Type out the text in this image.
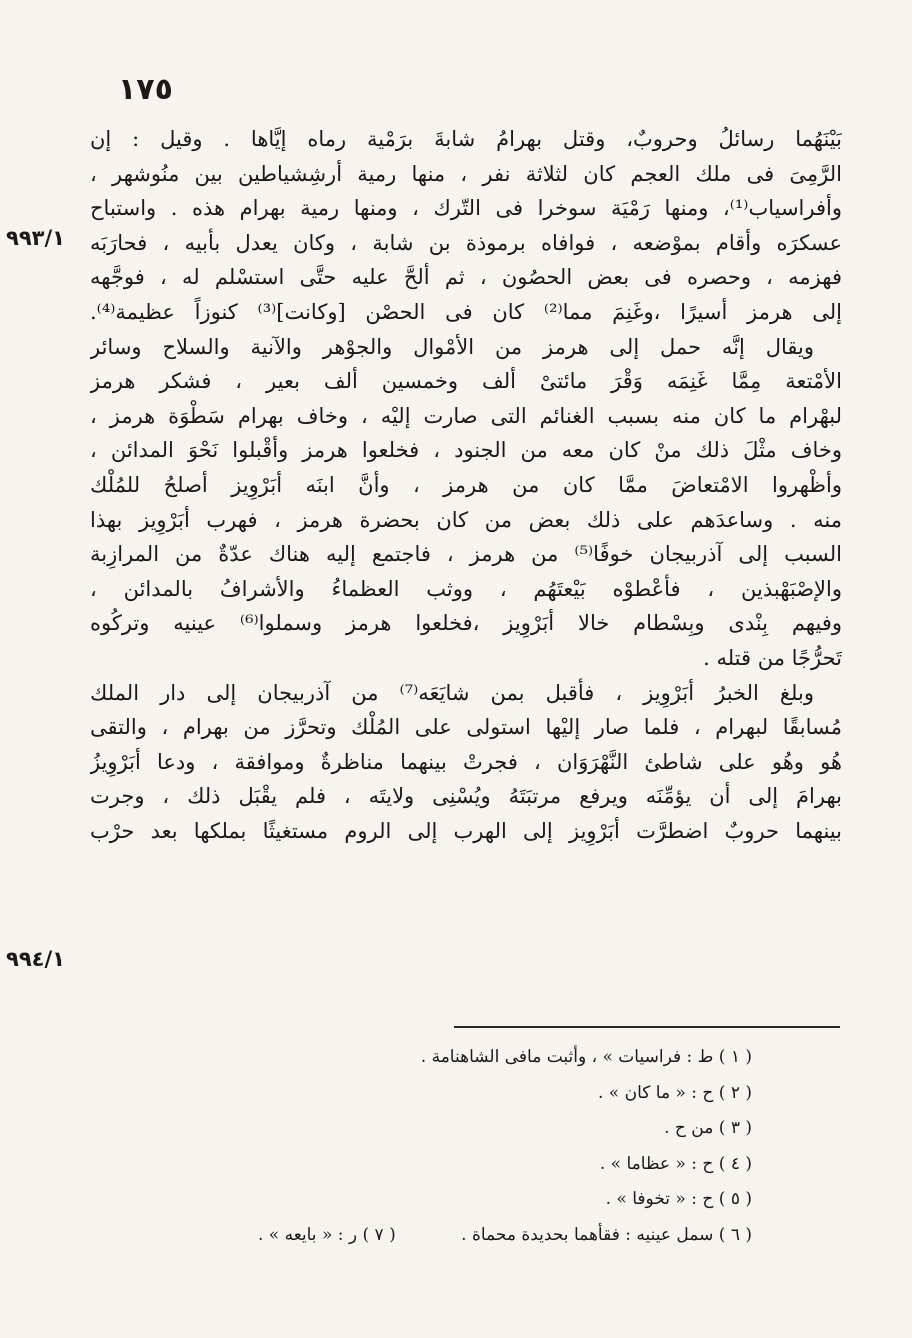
١٧٥
٩٩٣/١
٩٩٤/١
بَيْنَهُما رسائلُ وحروبٌ، وقتل بهرامُ شابةَ برَمْية رماه إيَّاها . وقيل : إن
الرَّمِىَ فى ملك العجم كان لثلاثة نفر ، منها رمية أرشِشياطين بين منُوشهر ،
وأفراسياب⁽¹⁾، ومنها رَمْيَة سوخرا فى التّرك ، ومنها رمية بهرام هذه . واستباح
عسكرَه وأقام بموْضعه ، فوافاه برموذة بن شابة ، وكان يعدل بأبيه ، فحارَبَه
فهزمه ، وحصره فى بعض الحصُون ، ثم ألحَّ عليه حتَّى استسْلم له ، فوجَّهه
إلى هرمز أسيرًا ،وغَنِمَ مما⁽²⁾ كان فى الحصْن [وكانت]⁽³⁾ كنوزاً عظيمة⁽⁴⁾.
ويقال إنَّه حمل إلى هرمز من الأمْوال والجوْهر والآنية والسلاح وسائر
الأمْتعة مِمَّا غَنِمَه وَقْرَ مائتىْ ألف وخمسين ألف بعير ، فشكر هرمز
لبهْرام ما كان منه بسبب الغنائم التى صارت إليْه ، وخاف بهرام سَطْوَة هرمز ،
وخاف مثْلَ ذلك منْ كان معه من الجنود ، فخلعوا هرمز وأقْبلوا نَحْوَ المدائن ،
وأظْهروا الامْتعاضَ ممَّا كان من هرمز ، وأنَّ ابنَه أبَرْوِيز أصلحُ للمُلْك
منه . وساعدَهم على ذلك بعض من كان بحضرة هرمز ، فهرب أبَرْوِيز بهذا
السبب إلى آذربيجان خوفًا⁽⁵⁾ من هرمز ، فاجتمع إليه هناك عدّةٌ من المرازِبة
والإصْبَهْبذين ، فأعْطوْه بَيْعتَهُم ، ووثب العظماءُ والأشرافُ بالمدائن ،
وفيهم بِنْدى وبِسْطام خالا أبَرْوِيز ،فخلعوا هرمز وسملوا⁽⁶⁾ عينيه وتركُوه
تَحرُّجًا من قتله .
وبلغ الخبرُ أبَرْوِيز ، فأقبل بمن شايَعَه⁽⁷⁾ من آذربيجان إلى دار الملك
مُسابقًا لبهرام ، فلما صار إليْها استولى على المُلْك وتحرَّز من بهرام ، والتقى
هُو وهُو على شاطئ النَّهْرَوَان ، فجرتْ بينهما مناظرةٌ وموافقة ، ودعا أبَرْوِيزُ
بهرامَ إلى أن يؤمِّنَه ويرفع مرتبَتَهُ ويُسْنِى ولايتَه ، فلم يقْبَل ذلك ، وجرت
بينهما حروبٌ اضطرَّت أبَرْوِيز إلى الهرب إلى الروم مستغيثًا بملكها بعد حرْب
( ١ ) ط : فراسيات » ، وأثبت مافى الشاهنامة .
( ٢ ) ح : « ما كان » .
( ٣ ) من ح .
( ٤ ) ح : « عظاما » .
( ٥ ) ح : « تخوفا » .
( ٦ ) سمل عينيه : فقأهما بحديدة محماة . ( ٧ ) ر : « بايعه » .
